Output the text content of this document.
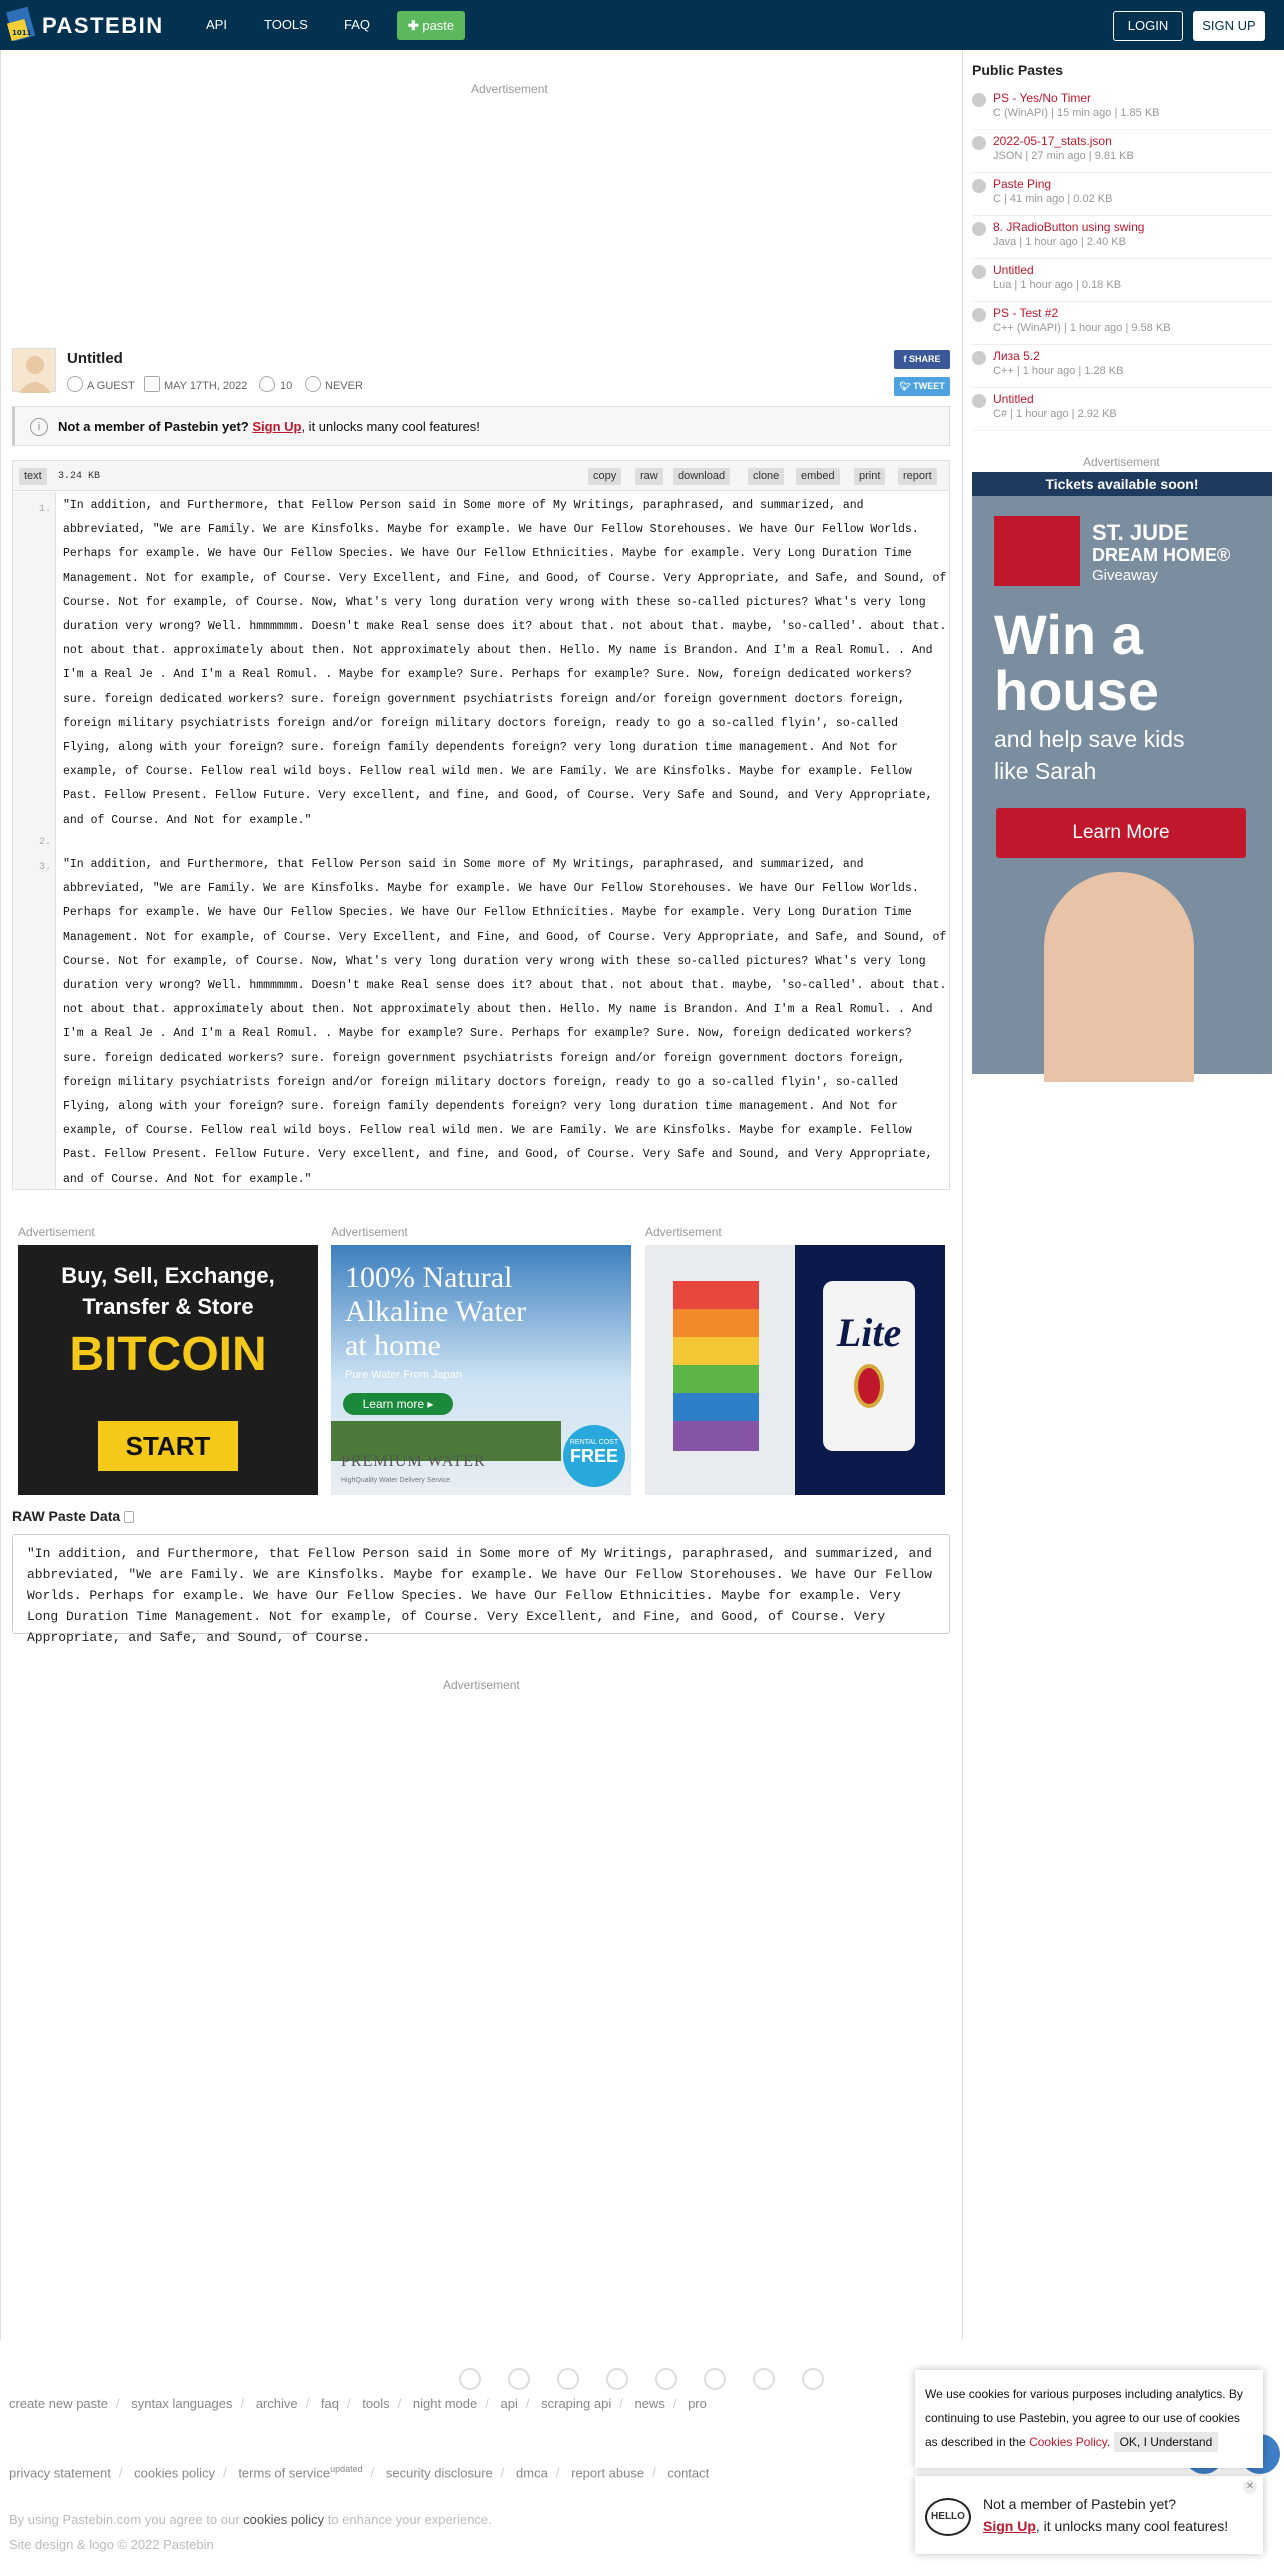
1011 PASTEBIN	API	TOOLS	FAQ	✚ paste	LOGIN	SIGN UP
Advertisement
Untitled
A GUEST	MAY 17TH, 2022	10	NEVER
f SHARE
🐦︎ TWEET
i	Not a member of Pastebin yet? Sign Up, it unlocks many cool features!
text	3.24 KB	copy	raw	download	clone	embed	print	report
1.
2.
3.
"In addition, and Furthermore, that Fellow Person said in Some more of My Writings, paraphrased, and summarized, and abbreviated, "We are Family. We are Kinsfolks. Maybe for example. We have Our Fellow Storehouses. We have Our Fellow Worlds. Perhaps for example. We have Our Fellow Species. We have Our Fellow Ethnicities. Maybe for example. Very Long Duration Time Management. Not for example, of Course. Very Excellent, and Fine, and Good, of Course. Very Appropriate, and Safe, and Sound, of Course. Not for example, of Course. Now, What's very long duration very wrong with these so-called pictures? What's very long duration very wrong? Well. hmmmmmm. Doesn't make Real sense does it? about that. not about that. maybe, 'so-called'. about that. not about that. approximately about then. Not approximately about then. Hello. My name is Brandon. And I'm a Real Romul. . And I'm a Real Je . And I'm a Real Romul. . Maybe for example? Sure. Perhaps for example? Sure. Now, foreign dedicated workers? sure. foreign dedicated workers? sure. foreign government psychiatrists foreign and/or foreign government doctors foreign, foreign military psychiatrists foreign and/or foreign military doctors foreign, ready to go a so-called flyin', so-called Flying, along with your foreign? sure. foreign family dependents foreign? very long duration time management. And Not for example, of Course. Fellow real wild boys. Fellow real wild men. We are Family. We are Kinsfolks. Maybe for example. Fellow Past. Fellow Present. Fellow Future. Very excellent, and fine, and Good, of Course. Very Safe and Sound, and Very Appropriate, and of Course. And Not for example."
"In addition, and Furthermore, that Fellow Person said in Some more of My Writings, paraphrased, and summarized, and abbreviated, "We are Family. We are Kinsfolks. Maybe for example. We have Our Fellow Storehouses. We have Our Fellow Worlds. Perhaps for example. We have Our Fellow Species. We have Our Fellow Ethnicities. Maybe for example. Very Long Duration Time Management. Not for example, of Course. Very Excellent, and Fine, and Good, of Course. Very Appropriate, and Safe, and Sound, of Course. Not for example, of Course. Now, What's very long duration very wrong with these so-called pictures? What's very long duration very wrong? Well. hmmmmmm. Doesn't make Real sense does it? about that. not about that. maybe, 'so-called'. about that. not about that. approximately about then. Not approximately about then. Hello. My name is Brandon. And I'm a Real Romul. . And I'm a Real Je . And I'm a Real Romul. . Maybe for example? Sure. Perhaps for example? Sure. Now, foreign dedicated workers? sure. foreign dedicated workers? sure. foreign government psychiatrists foreign and/or foreign government doctors foreign, foreign military psychiatrists foreign and/or foreign military doctors foreign, ready to go a so-called flyin', so-called Flying, along with your foreign? sure. foreign family dependents foreign? very long duration time management. And Not for example, of Course. Fellow real wild boys. Fellow real wild men. We are Family. We are Kinsfolks. Maybe for example. Fellow Past. Fellow Present. Fellow Future. Very excellent, and fine, and Good, of Course. Very Safe and Sound, and Very Appropriate, and of Course. And Not for example."
Advertisement	Advertisement	Advertisement
Buy, Sell, Exchange,
Transfer & Store
BITCOIN
START
100% Natural
Alkaline Water
at home
Pure Water From Japan
Learn more ▸
PREMIUM WATER
HighQuality Water Delivery Service
RENTAL COST
FREE
Lite
RAW Paste Data
"In addition, and Furthermore, that Fellow Person said in Some more of My Writings, paraphrased, and summarized, and abbreviated, "We are Family. We are Kinsfolks. Maybe for example. We have Our Fellow Storehouses. We have Our Fellow Worlds. Perhaps for example. We have Our Fellow Species. We have Our Fellow Ethnicities. Maybe for example. Very Long Duration Time Management. Not for example, of Course. Very Excellent, and Fine, and Good, of Course. Very Appropriate, and Safe, and Sound, of Course.
Advertisement
Public Pastes
PS - Yes/No Timer
C (WinAPI) | 15 min ago | 1.85 KB
2022-05-17_stats.json
JSON | 27 min ago | 9.81 KB
Paste Ping
C | 41 min ago | 0.02 KB
8. JRadioButton using swing
Java | 1 hour ago | 2.40 KB
Untitled
Lua | 1 hour ago | 0.18 KB
PS - Test #2
C++ (WinAPI) | 1 hour ago | 9.58 KB
Лиза 5.2
C++ | 1 hour ago | 1.28 KB
Untitled
C# | 1 hour ago | 2.92 KB
Advertisement
Tickets available soon!
ST. JUDE
DREAM HOME®
Giveaway
Win a
house
and help save kids
like Sarah
Learn More
create new paste / syntax languages / archive / faq / tools / night mode / api / scraping api / news / pro
privacy statement / cookies policy / terms of service$^{updated}$ / security disclosure / dmca / report abuse / contact
By using Pastebin.com you agree to our cookies policy to enhance your experience.
Site design & logo © 2022 Pastebin
We use cookies for various purposes including analytics. By continuing to use Pastebin, you agree to our use of cookies as described in the Cookies Policy. OK, I Understand
✕
HELLO
Not a member of Pastebin yet?
Sign Up, it unlocks many cool features!
